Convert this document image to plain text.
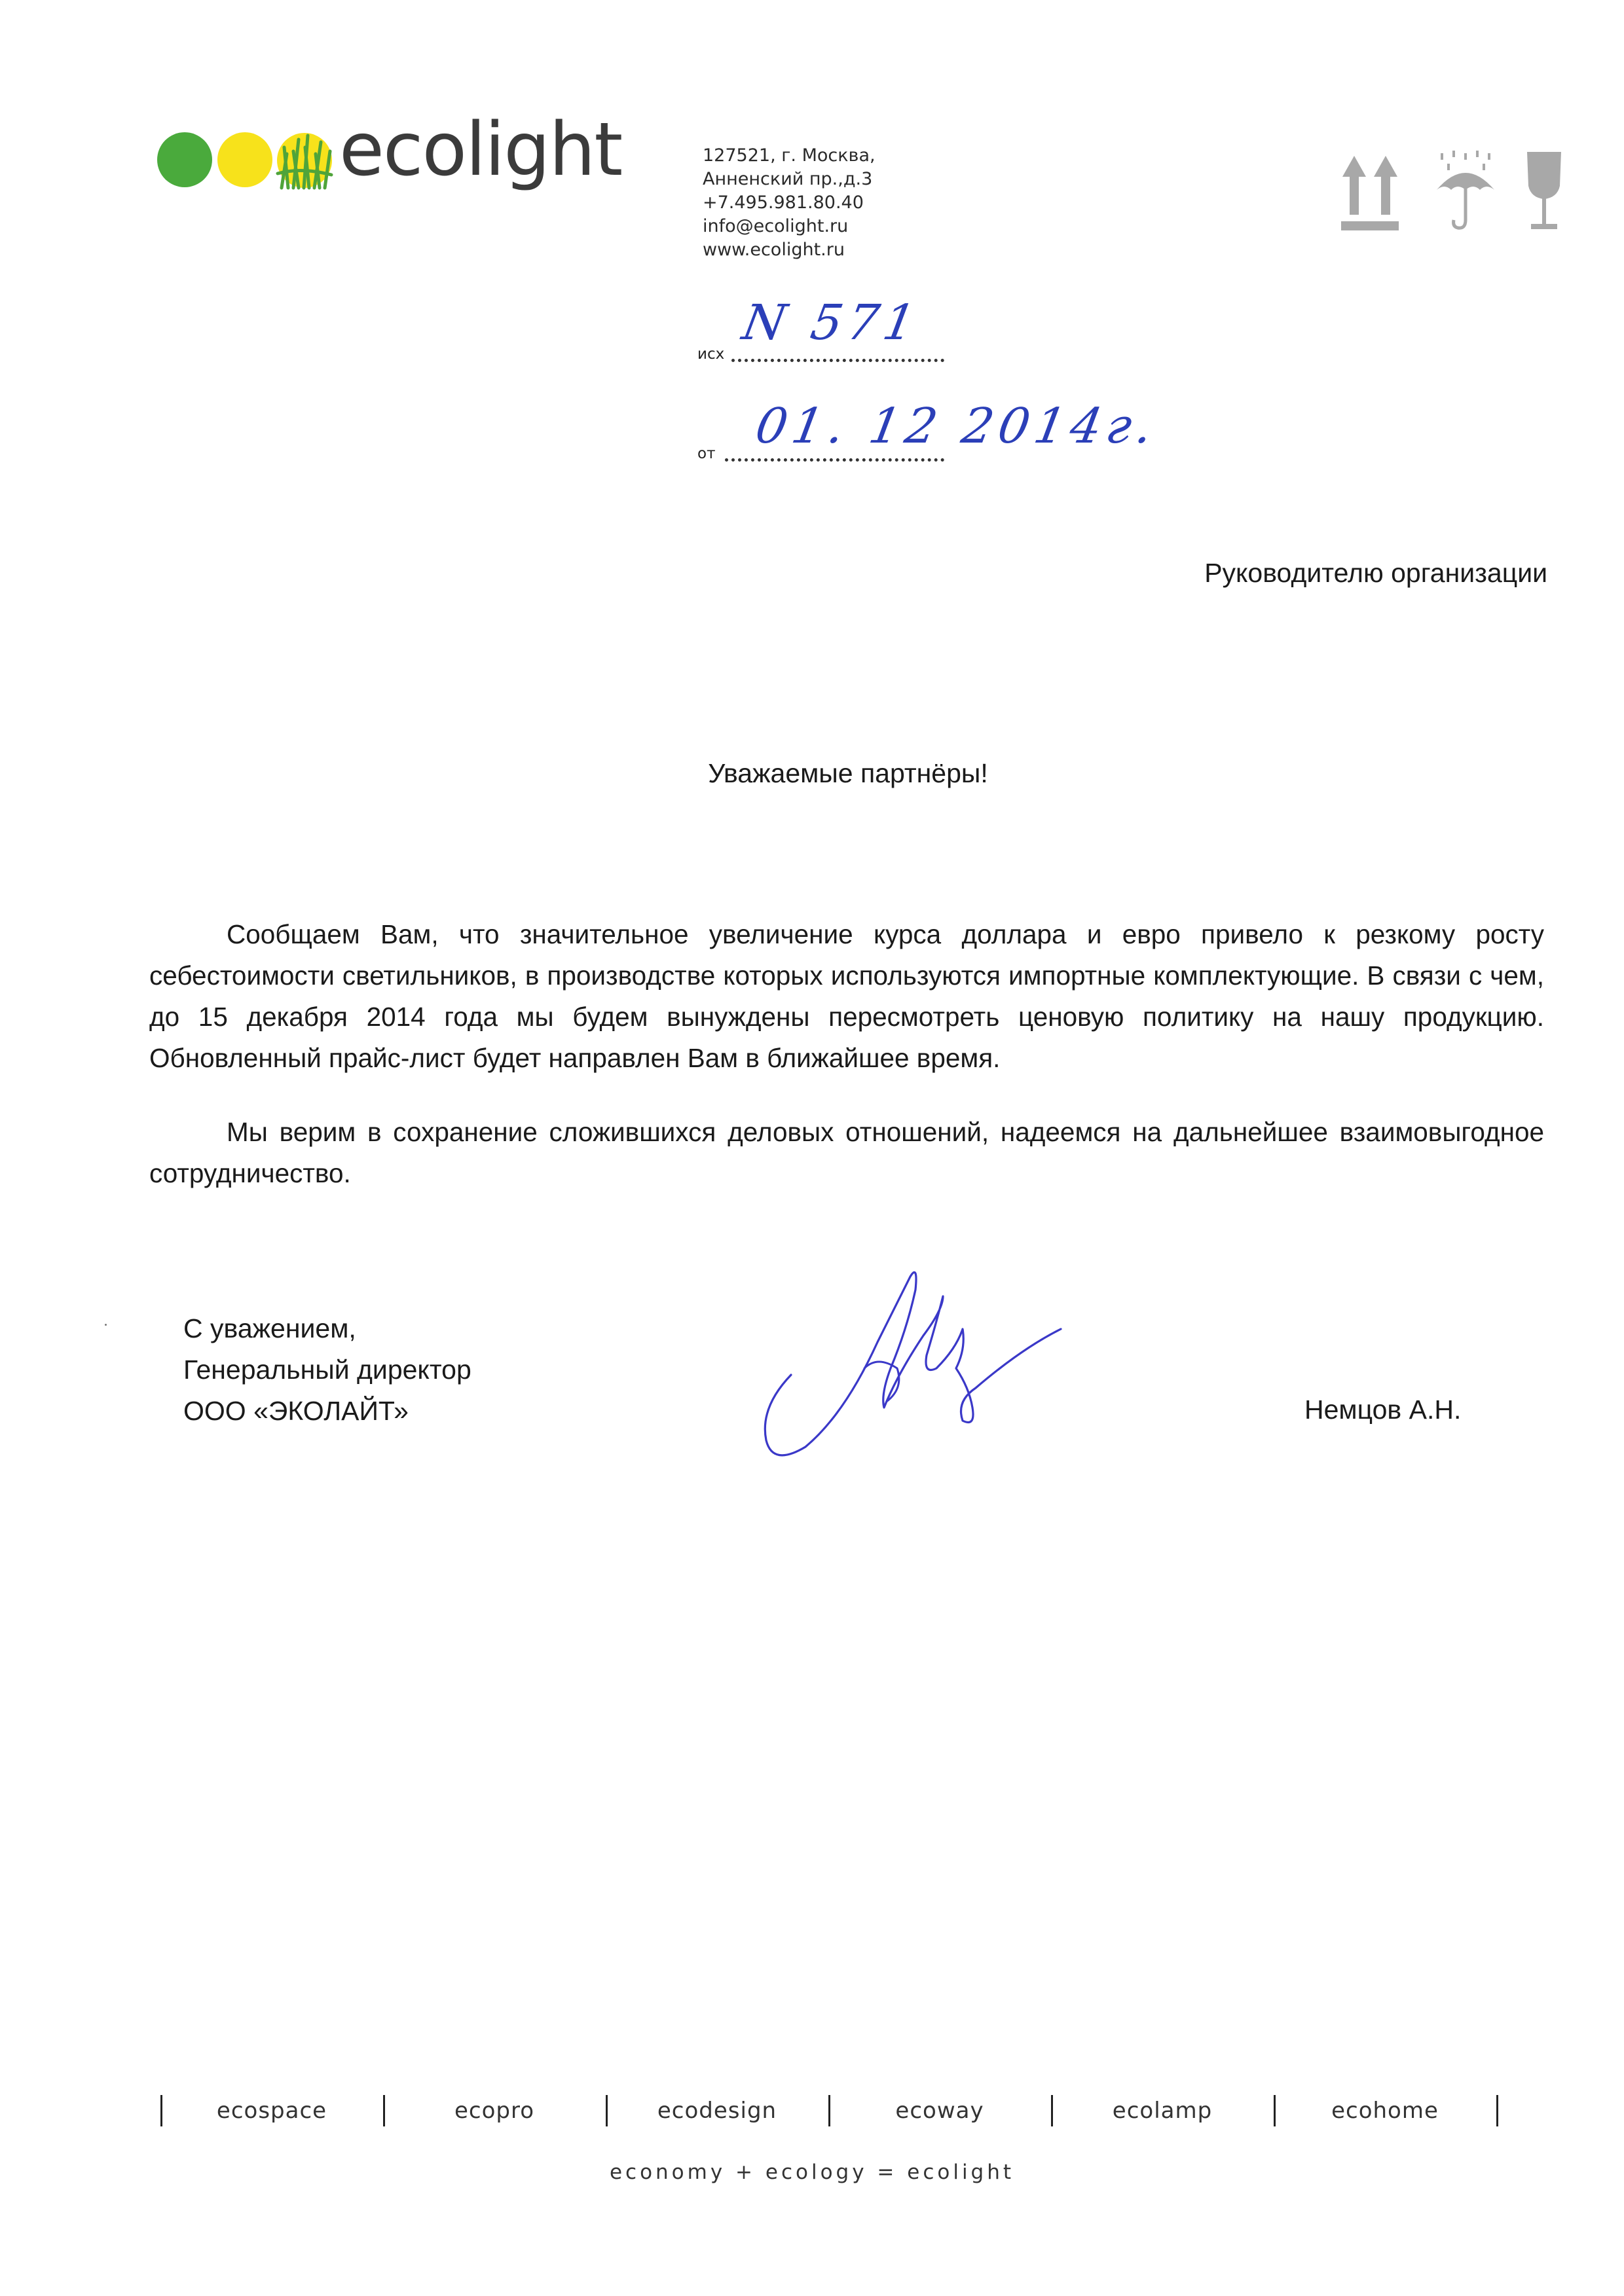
ecolight	127521, г. Москва,
Анненский пр.,д.3
+7.495.981.80.40
info@ecolight.ru
www.ecolight.ru
исх
N 571
от 01. 12 2014г.
Руководителю организации
Уважаемые партнёры!
Сообщаем Вам, что значительное увеличение курса доллара и евро привело к резкому росту себестоимости светильников, в производстве которых используются импортные комплектующие. В связи с чем, до 15 декабря 2014 года мы будем вынуждены пересмотреть ценовую политику на нашу продукцию. Обновленный прайс-лист будет направлен Вам в ближайшее время.
Мы верим в сохранение сложившихся деловых отношений, надеемся на дальнейшее взаимовыгодное сотрудничество.
С уважением,
Генеральный директор
ООО «ЭКОЛАЙТ»	Немцов А.Н.
ecospace	ecopro	ecodesign	ecoway	ecolamp	ecohome
economy + ecology = ecolight
